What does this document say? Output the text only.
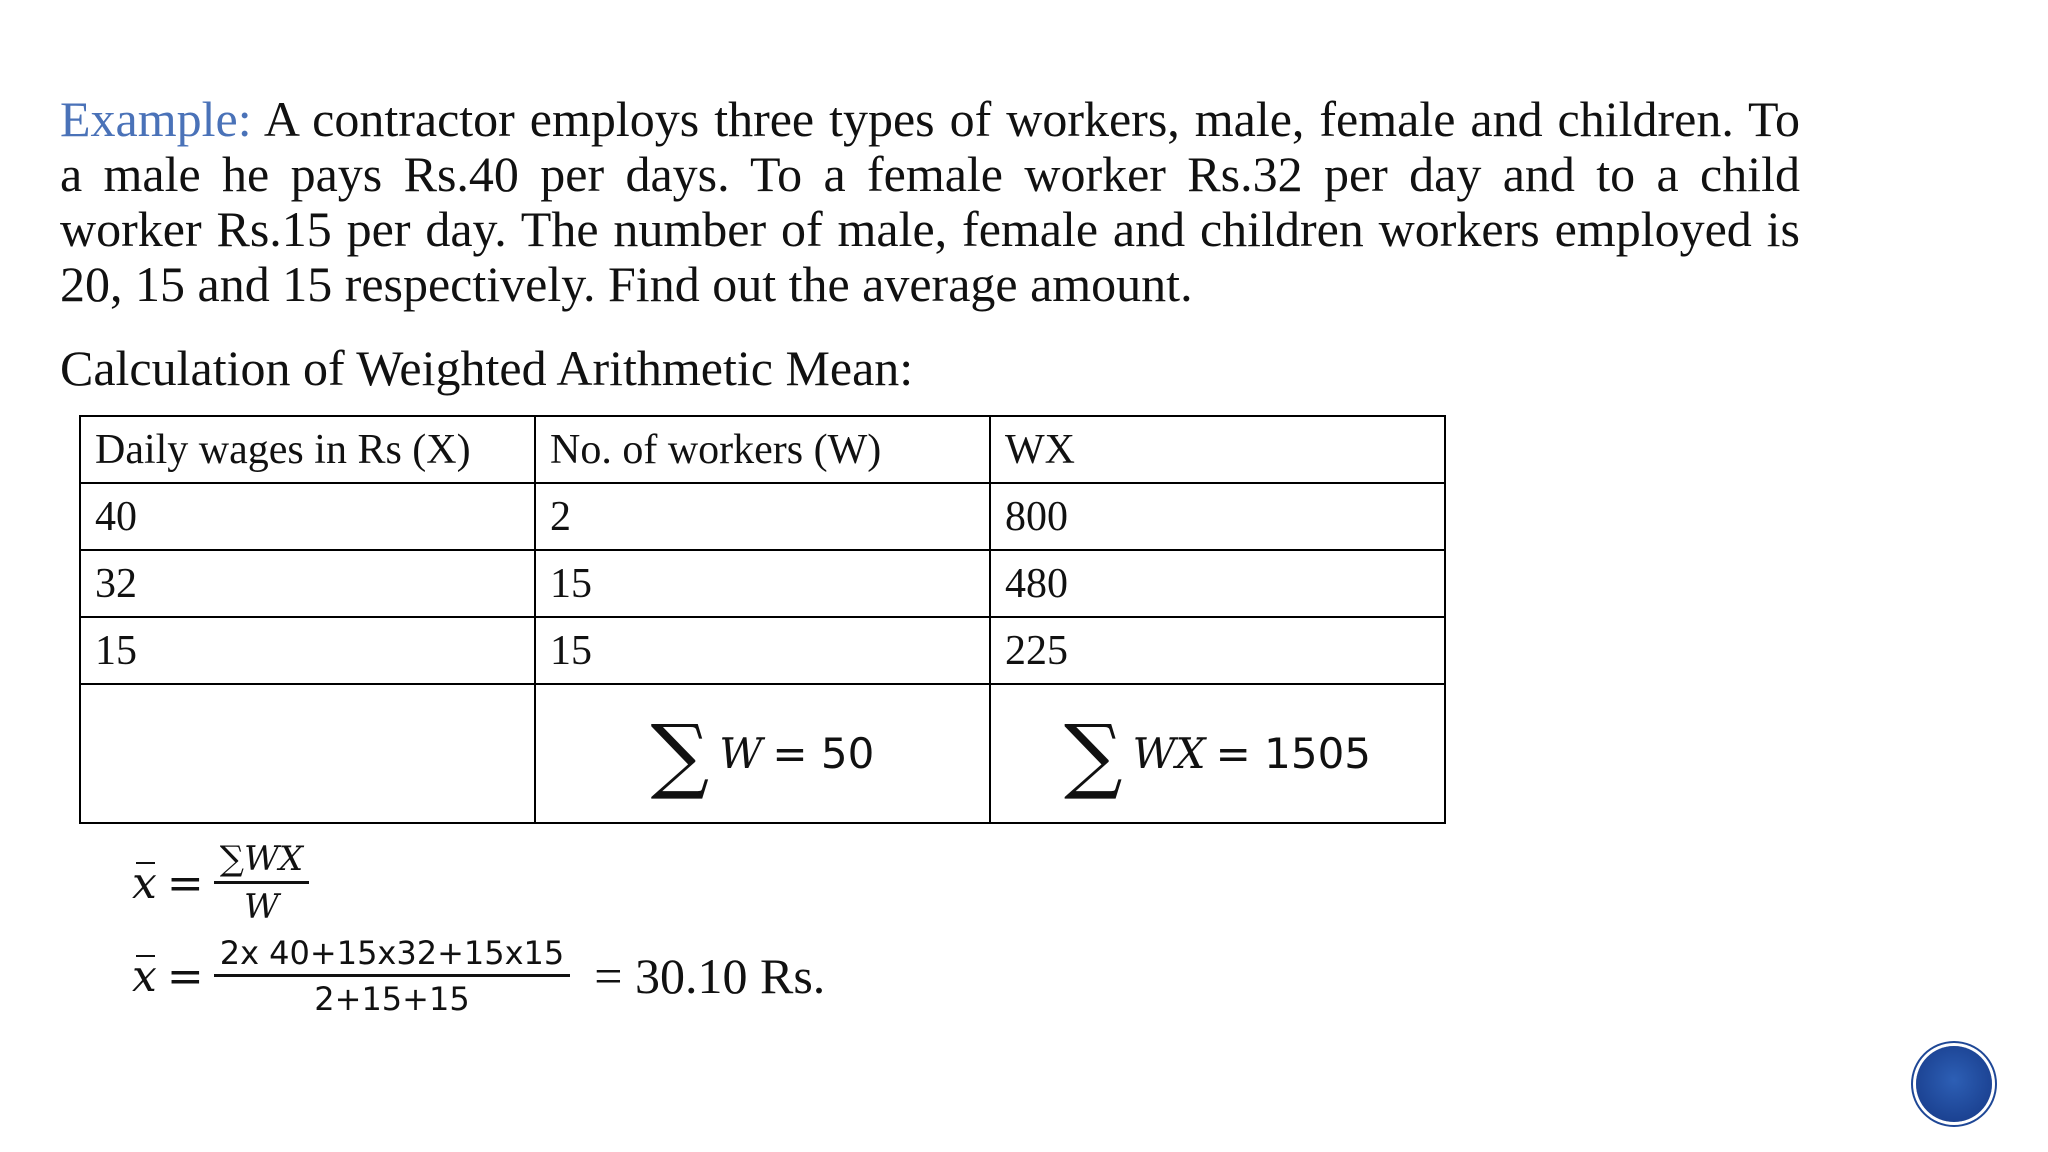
Example: A contractor employs three types of workers, male, female and children. To a male he pays Rs.40 per days. To a female worker Rs.32 per day and to a child worker Rs.15 per day. The number of male, female and children workers employed is 20, 15 and 15 respectively. Find out the average amount.
Calculation of Weighted Arithmetic Mean:
Daily wages in Rs (X)	No. of workers (W)	WX
40	2	800
32	15	480
15	15	225

	∑ W = 50	∑ WX = 1505
$x = \frac{\sum WX}{W}$
$x = \frac{2x 40+15x32+15x15}{2+15+15} = 30.10$ Rs.
